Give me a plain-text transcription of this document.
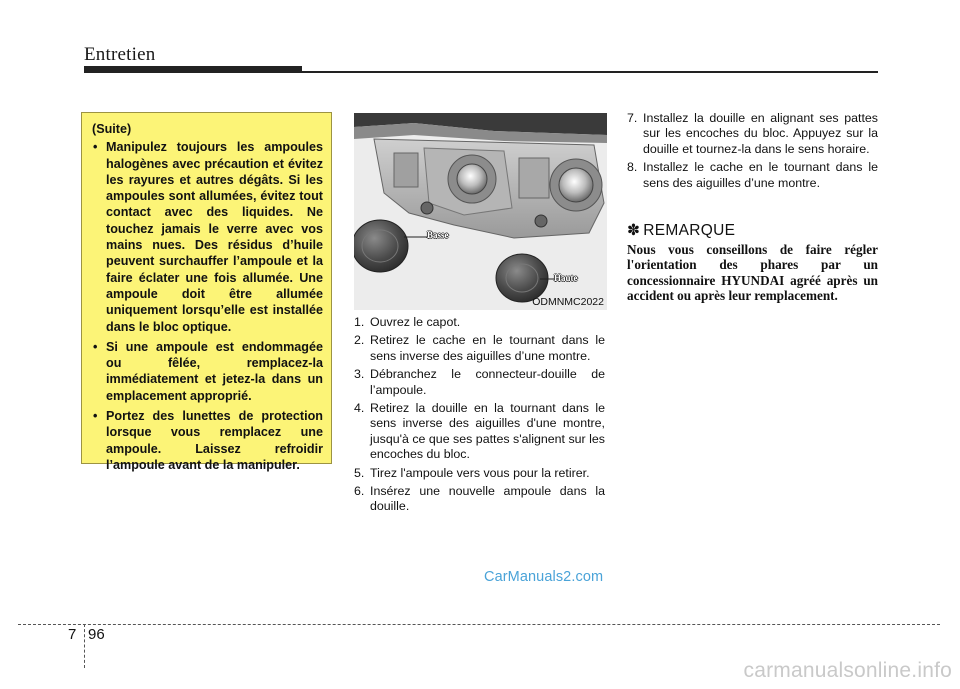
Entretien
(Suite)
• Manipulez toujours les ampoules halogènes avec précaution et évitez les rayures et autres dégâts. Si les ampoules sont allumées, évitez tout contact avec des liquides. Ne touchez jamais le verre avec vos mains nues. Des résidus d’huile peuvent surchauffer l’ampoule et la faire éclater une fois allumée. Une ampoule doit être allumée uniquement lorsqu’elle est installée dans le bloc optique.
• Si une ampoule est endommagée ou fêlée, remplacez-la immédiatement et jetez-la dans un emplacement approprié.
• Portez des lunettes de protection lorsque vous remplacez une ampoule. Laissez refroidir l’ampoule avant de la manipuler.
Basse
Haute
ODMNMC2022
1. Ouvrez le capot.
2. Retirez le cache en le tournant dans le sens inverse des aiguilles d’une montre.
3. Débranchez le connecteur-douille de l’ampoule.
4. Retirez la douille en la tournant dans le sens inverse des aiguilles d'une montre, jusqu'à ce que ses pattes s'alignent sur les encoches du bloc.
5. Tirez l'ampoule vers vous pour la retirer.
6. Insérez une nouvelle ampoule dans la douille.
7. Installez la douille en alignant ses pattes sur les encoches du bloc. Appuyez sur la douille et tournez-la dans le sens horaire.
8. Installez le cache en le tournant dans le sens des aiguilles d’une montre.
✽ REMARQUE
Nous vous conseillons de faire régler l'orientation des phares par un concessionnaire HYUNDAI agréé après un accident ou après leur remplacement.
CarManuals2.com
7 96
carmanualsonline.info
